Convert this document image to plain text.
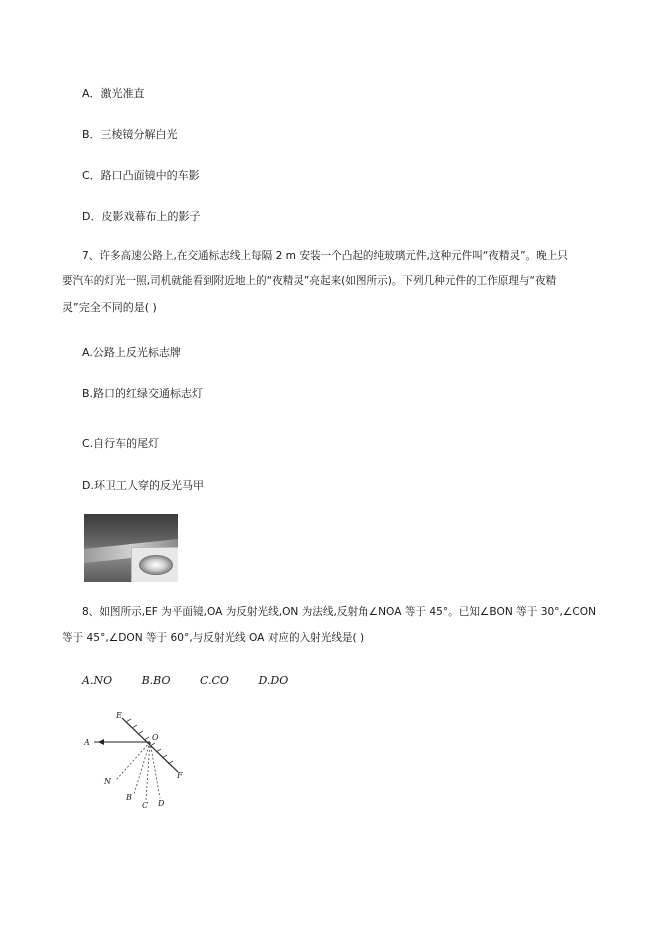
A．激光准直
B．三棱镜分解白光
C．路口凸面镜中的车影
D．皮影戏幕布上的影子
7、许多高速公路上,在交通标志线上每隔 2 m 安装一个凸起的纯玻璃元件,这种元件叫“夜精灵”。晚上只
要汽车的灯光一照,司机就能看到附近地上的“夜精灵”亮起来(如图所示)。下列几种元件的工作原理与“夜精
灵”完全不同的是( )
A.公路上反光标志牌
B.路口的红绿交通标志灯
C.自行车的尾灯
D.环卫工人穿的反光马甲
8、如图所示,EF 为平面镜,OA 为反射光线,ON 为法线,反射角∠NOA 等于 45°。已知∠BON 等于 30°,∠CON
等于 45°,∠DON 等于 60°,与反射光线 OA 对应的入射光线是( )
A.NO	B.BO	C.CO	D.DO
E
A
O
N
B
C D
F
